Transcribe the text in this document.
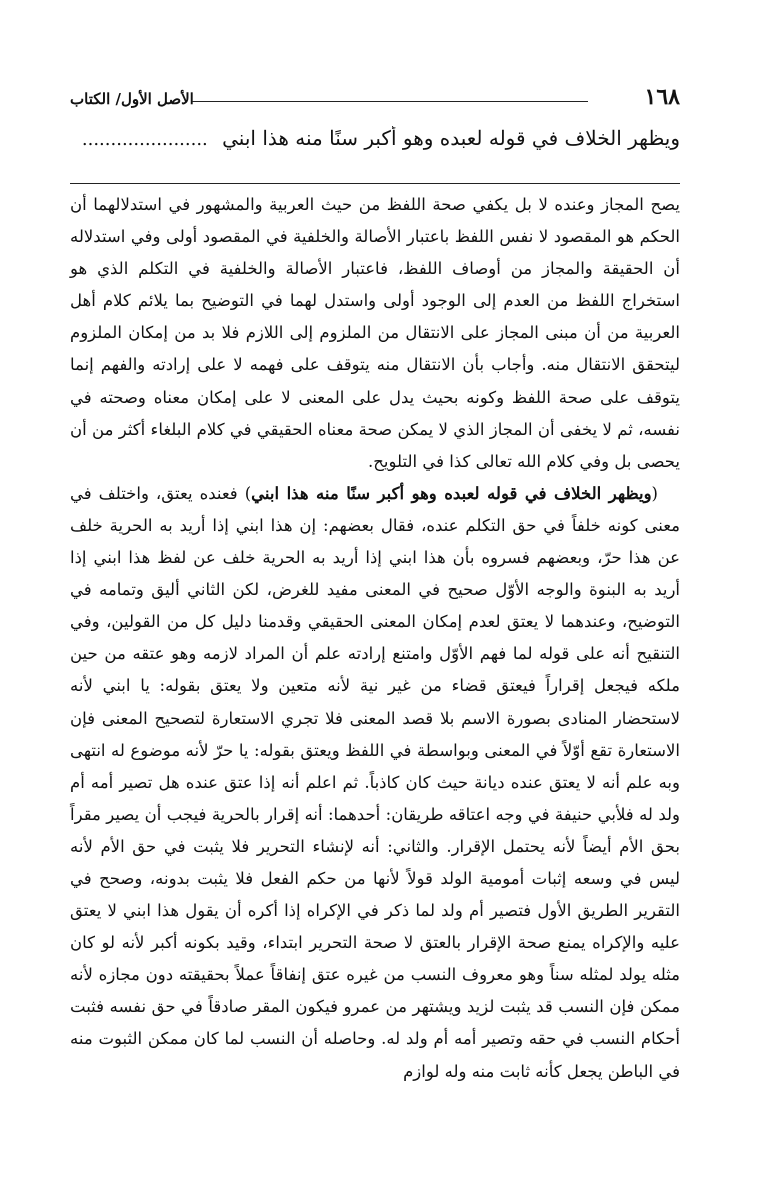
الأصل الأول/ الكتاب	١٦٨
ويظهر الخلاف في قوله لعبده وهو أكبر سنًا منه هذا ابني ......................

يصح المجاز وعنده لا بل يكفي صحة اللفظ من حيث العربية والمشهور في استدلالهما أن الحكم هو المقصود لا نفس اللفظ باعتبار الأصالة والخلفية في المقصود أولى وفي استدلاله أن الحقيقة والمجاز من أوصاف اللفظ، فاعتبار الأصالة والخلفية في التكلم الذي هو استخراج اللفظ من العدم إلى الوجود أولى واستدل لهما في التوضيح بما يلائم كلام أهل العربية من أن مبنى المجاز على الانتقال من الملزوم إلى اللازم فلا بد من إمكان الملزوم ليتحقق الانتقال منه. وأجاب بأن الانتقال منه يتوقف على فهمه لا على إرادته والفهم إنما يتوقف على صحة اللفظ وكونه بحيث يدل على المعنى لا على إمكان معناه وصحته في نفسه، ثم لا يخفى أن المجاز الذي لا يمكن صحة معناه الحقيقي في كلام البلغاء أكثر من أن يحصى بل وفي كلام الله تعالى كذا في التلويح.

(ويظهر الخلاف في قوله لعبده وهو أكبر سنًا منه هذا ابني) فعنده يعتق، واختلف في معنى كونه خلفاً في حق التكلم عنده، فقال بعضهم: إن هذا ابني إذا أريد به الحرية خلف عن هذا حرّ، وبعضهم فسروه بأن هذا ابني إذا أريد به الحرية خلف عن لفظ هذا ابني إذا أريد به البنوة والوجه الأوّل صحيح في المعنى مفيد للغرض، لكن الثاني أليق وتمامه في التوضيح، وعندهما لا يعتق لعدم إمكان المعنى الحقيقي وقدمنا دليل كل من القولين، وفي التنقيح أنه على قوله لما فهم الأوّل وامتنع إرادته علم أن المراد لازمه وهو عتقه من حين ملكه فيجعل إقراراً فيعتق قضاء من غير نية لأنه متعين ولا يعتق بقوله: يا ابني لأنه لاستحضار المنادى بصورة الاسم بلا قصد المعنى فلا تجري الاستعارة لتصحيح المعنى فإن الاستعارة تقع أوّلاً في المعنى وبواسطة في اللفظ ويعتق بقوله: يا حرّ لأنه موضوع له انتهى وبه علم أنه لا يعتق عنده ديانة حيث كان كاذباً. ثم اعلم أنه إذا عتق عنده هل تصير أمه أم ولد له فلأبي حنيفة في وجه اعتاقه طريقان: أحدهما: أنه إقرار بالحرية فيجب أن يصير مقراً بحق الأم أيضاً لأنه يحتمل الإقرار. والثاني: أنه لإنشاء التحرير فلا يثبت في حق الأم لأنه ليس في وسعه إثبات أمومية الولد قولاً لأنها من حكم الفعل فلا يثبت بدونه، وصحح في التقرير الطريق الأول فتصير أم ولد لما ذكر في الإكراه إذا أكره أن يقول هذا ابني لا يعتق عليه والإكراه يمنع صحة الإقرار بالعتق لا صحة التحرير ابتداء، وقيد بكونه أكبر لأنه لو كان مثله يولد لمثله سناً وهو معروف النسب من غيره عتق إنفاقاً عملاً بحقيقته دون مجازه لأنه ممكن فإن النسب قد يثبت لزيد ويشتهر من عمرو فيكون المقر صادقاً في حق نفسه فثبت أحكام النسب في حقه وتصير أمه أم ولد له. وحاصله أن النسب لما كان ممكن الثبوت منه في الباطن يجعل كأنه ثابت منه وله لوازم
